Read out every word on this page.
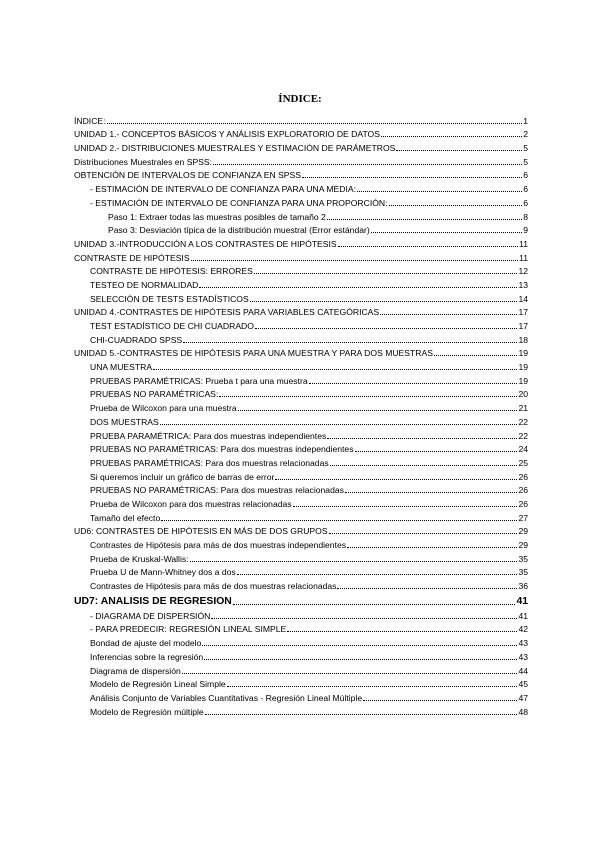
ÍNDICE:
ÍNDICE:	1
UNIDAD 1.- CONCEPTOS BÁSICOS Y ANÁLISIS EXPLORATORIO DE DATOS	2
UNIDAD 2.- DISTRIBUCIONES MUESTRALES Y ESTIMACIÓN DE PARÁMETROS	5
Distribuciones Muestrales en SPSS:	5
OBTENCIÓN DE INTERVALOS DE CONFIANZA EN SPSS	6
- ESTIMACIÓN DE INTERVALO DE CONFIANZA PARA UNA MEDIA:	6
- ESTIMACIÓN DE INTERVALO DE CONFIANZA PARA UNA PROPORCIÓN:	6
Paso 1: Extraer todas las muestras posibles de tamaño 2	8
Paso 3: Desviación típica de la distribución muestral (Error estándar)	9
UNIDAD 3.-INTRODUCCIÓN A LOS CONTRASTES DE HIPÓTESIS	11
CONTRASTE DE HIPÓTESIS	11
CONTRASTE DE HIPÓTESIS: ERRORES	12
TESTEO DE NORMALIDAD	13
SELECCIÓN DE TESTS ESTADÍSTICOS	14
UNIDAD 4.-CONTRASTES DE HIPÓTESIS PARA VARIABLES CATEGÓRICAS	17
TEST ESTADÍSTICO DE CHI CUADRADO	17
CHI-CUADRADO SPSS	18
UNIDAD 5.-CONTRASTES DE HIPÓTESIS PARA UNA MUESTRA Y PARA DOS MUESTRAS	19
UNA MUESTRA	19
PRUEBAS PARAMÉTRICAS: Prueba t para una muestra	19
PRUEBAS NO PARAMÉTRICAS:	20
Prueba de Wilcoxon para una muestra	21
DOS MUESTRAS	22
PRUEBA PARAMÉTRICA: Para dos muestras independientes	22
PRUEBAS NO PARAMÉTRICAS: Para dos muestras independientes	24
PRUEBAS PARAMÉTRICAS: Para dos muestras relacionadas	25
Si queremos incluir un gráfico de barras de error	26
PRUEBAS NO PARAMÉTRICAS: Para dos muestras relacionadas	26
Prueba de Wilcoxon para dos muestras relacionadas	26
Tamaño del efecto	27
UD6: CONTRASTES DE HIPÓTESIS EN MÁS DE DOS GRUPOS	29
Contrastes de Hipótesis para más de dos muestras independientes	29
Prueba de Kruskal-Wallis:	35
Prueba U de Mann-Whitney dos a dos	35
Contrastes de Hipótesis para más de dos muestras relacionadas	36
UD7: ANALISIS DE REGRESION	41
- DIAGRAMA DE DISPERSIÓN	41
- PARA PREDECIR: REGRESIÓN LINEAL SIMPLE	42
Bondad de ajuste del modelo	43
Inferencias sobre la regresión	43
Diagrama de dispersión	44
Modelo de Regresión Lineal Simple	45
Análisis Conjunto de Variables Cuantitativas - Regresión Lineal Múltiple	47
Modelo de Regresión múltiple	48
